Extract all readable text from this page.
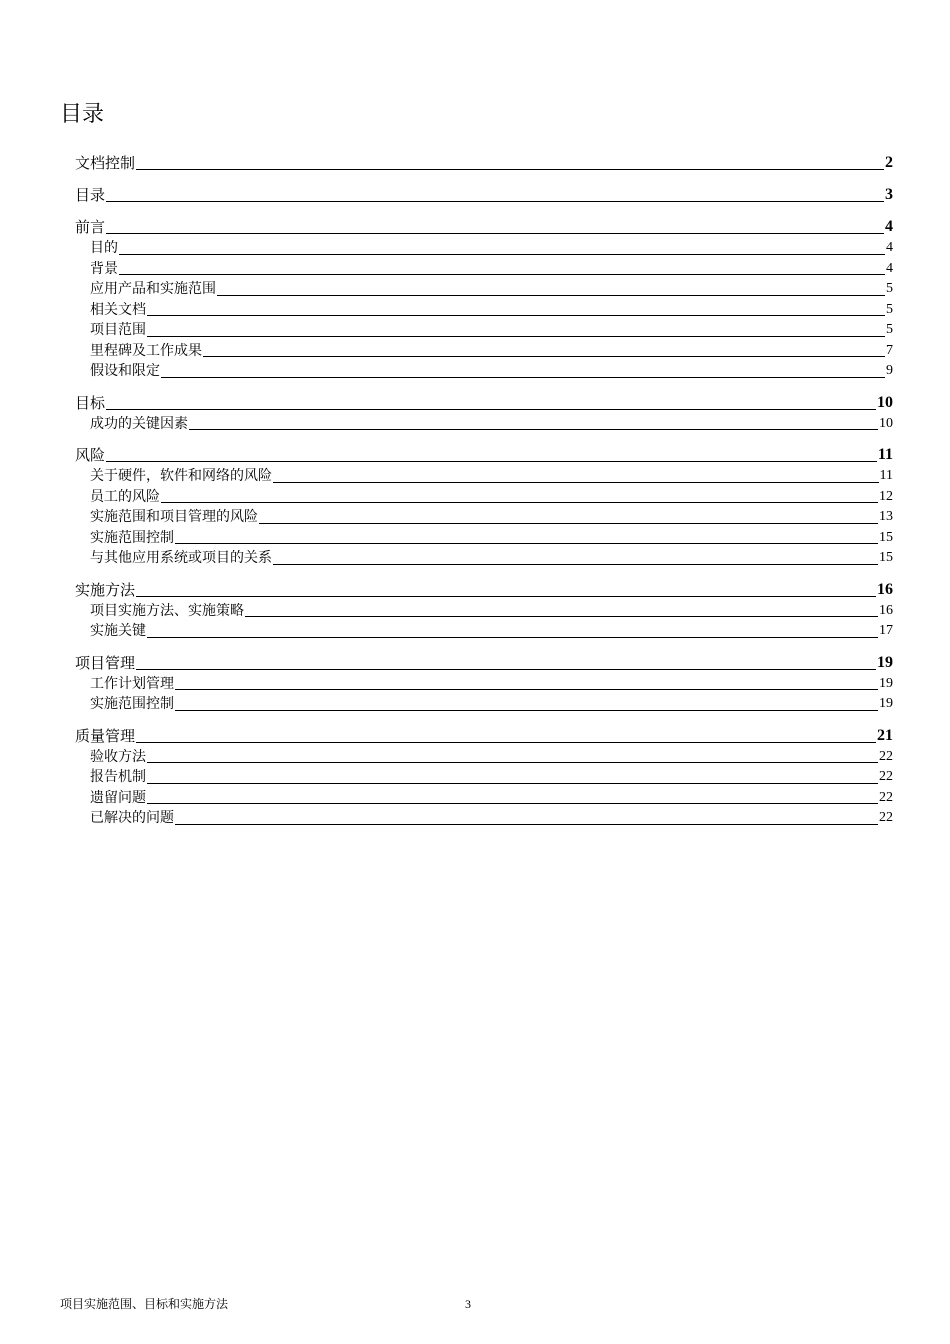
目录
文档控制	2
目录	3
前言	4
目的	4
背景	4
应用产品和实施范围	5
相关文档	5
项目范围	5
里程碑及工作成果	7
假设和限定	9
目标	10
成功的关键因素	10
风险	11
关于硬件，软件和网络的风险	11
员工的风险	12
实施范围和项目管理的风险	13
实施范围控制	15
与其他应用系统或项目的关系	15
实施方法	16
项目实施方法、实施策略	16
实施关键	17
项目管理	19
工作计划管理	19
实施范围控制	19
质量管理	21
验收方法	22
报告机制	22
遗留问题	22
已解决的问题	22
项目实施范围、目标和实施方法	3
